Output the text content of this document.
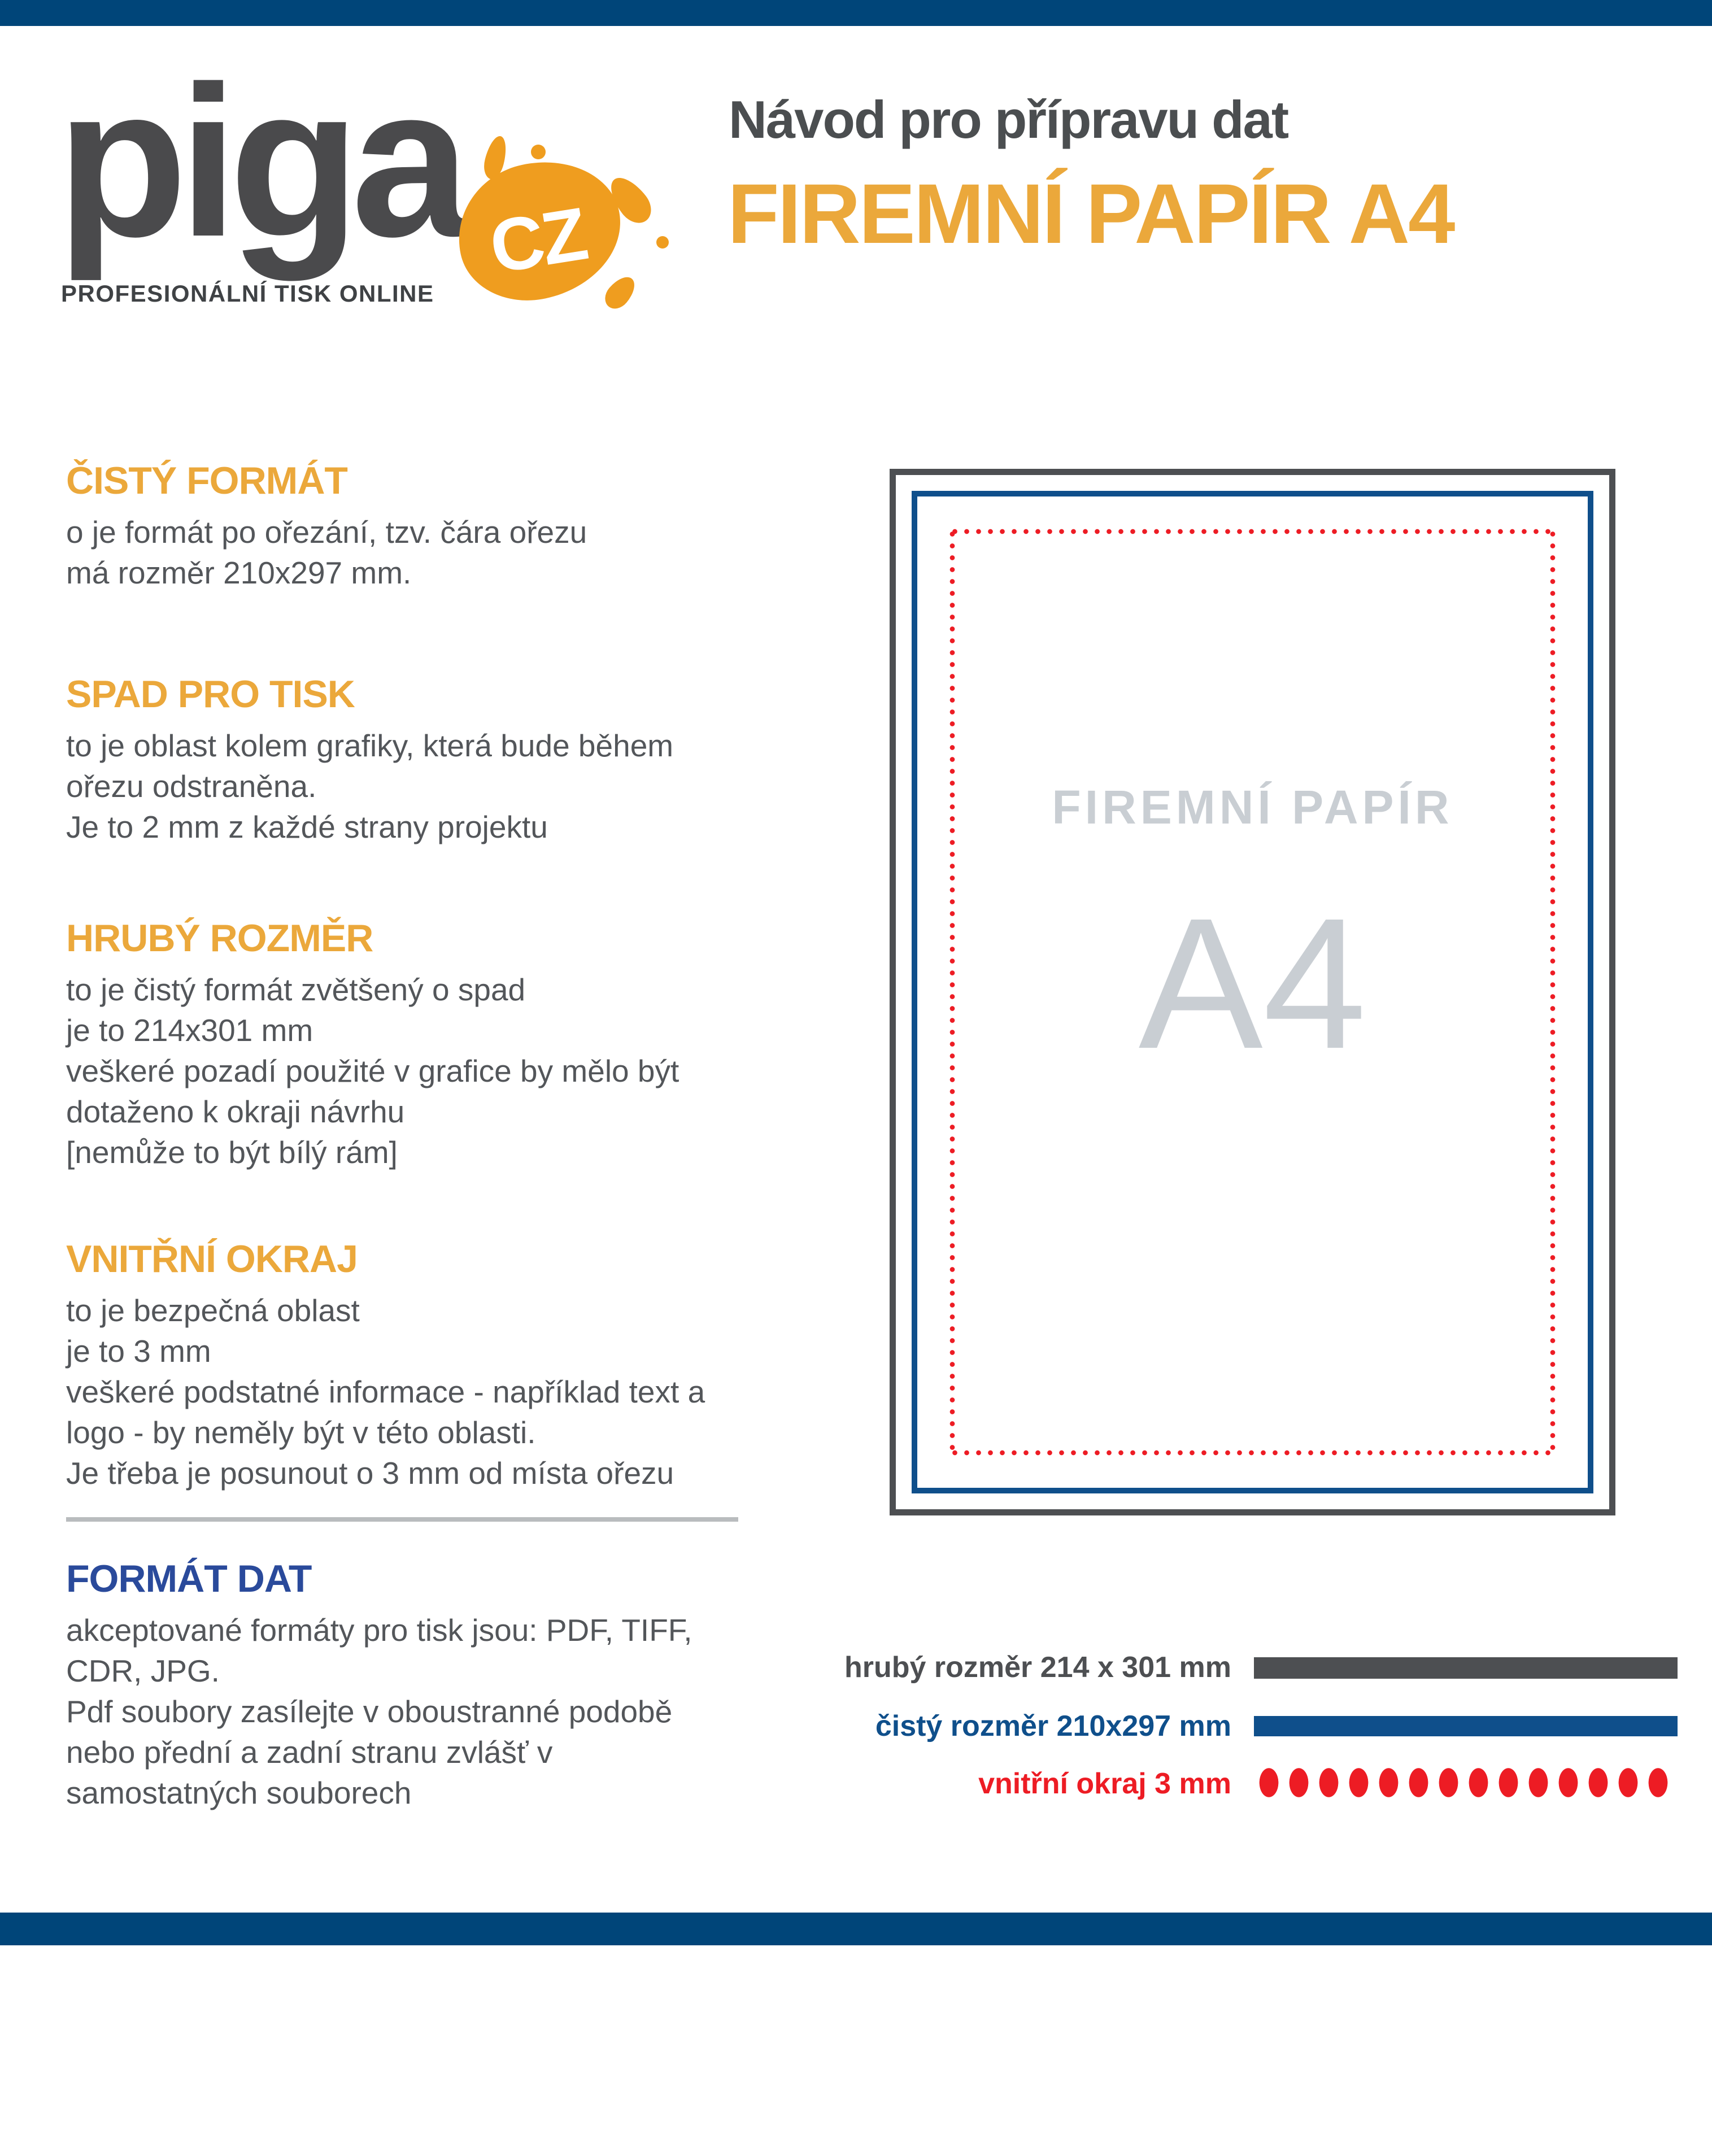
piga CZ
PROFESIONÁLNÍ TISK ONLINE
Návod pro přípravu dat
FIREMNÍ PAPÍR A4
ČISTÝ FORMÁT
o je formát po ořezání, tzv. čára ořezu
má rozměr 210x297 mm.
SPAD PRO TISK
to je oblast kolem grafiky, která bude během
ořezu odstraněna.
Je to 2 mm z každé strany projektu
HRUBÝ ROZMĚR
to je čistý formát zvětšený o spad
je to 214x301 mm
veškeré pozadí použité v grafice by mělo být
dotaženo k okraji návrhu
[nemůže to být bílý rám]
VNITŘNÍ OKRAJ
to je bezpečná oblast
je to 3 mm
veškeré podstatné informace - například text a
logo - by neměly být v této oblasti.
Je třeba je posunout o 3 mm od místa ořezu
FORMÁT DAT
akceptované formáty pro tisk jsou: PDF, TIFF,
CDR, JPG.
Pdf soubory zasílejte v oboustranné podobě
nebo přední a zadní stranu zvlášť v
samostatných souborech
FIREMNÍ PAPÍR
A4
hrubý rozměr 214 x 301 mm
čistý rozměr 210x297 mm
vnitřní okraj 3 mm
